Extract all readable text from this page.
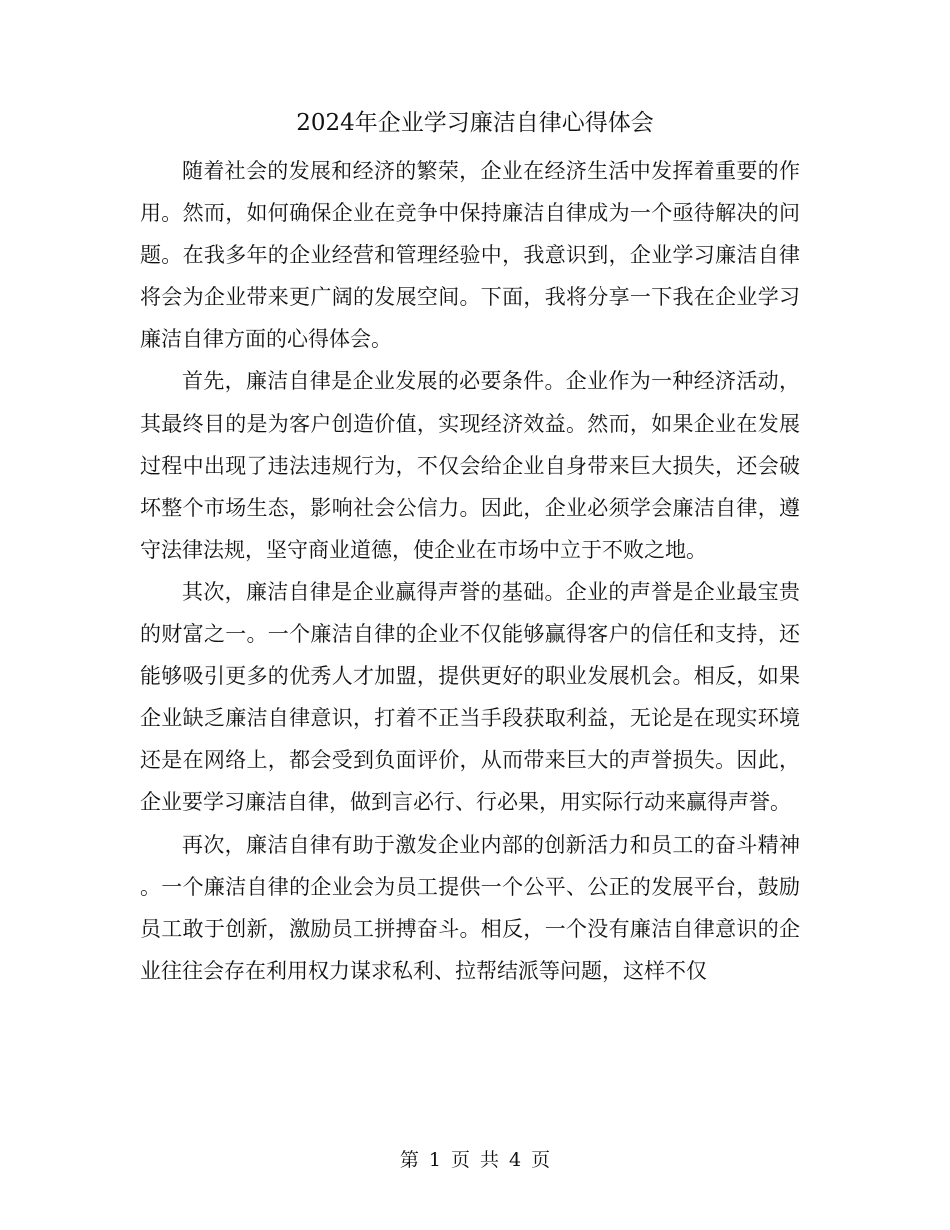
2024年企业学习廉洁自律心得体会

随着社会的发展和经济的繁荣，企业在经济生活中发挥着重要的作用。然而，如何确保企业在竞争中保持廉洁自律成为一个亟待解决的问题。在我多年的企业经营和管理经验中，我意识到，企业学习廉洁自律将会为企业带来更广阔的发展空间。下面，我将分享一下我在企业学习廉洁自律方面的心得体会。

首先，廉洁自律是企业发展的必要条件。企业作为一种经济活动，其最终目的是为客户创造价值，实现经济效益。然而，如果企业在发展过程中出现了违法违规行为，不仅会给企业自身带来巨大损失，还会破坏整个市场生态，影响社会公信力。因此，企业必须学会廉洁自律，遵守法律法规，坚守商业道德，使企业在市场中立于不败之地。

其次，廉洁自律是企业赢得声誉的基础。企业的声誉是企业最宝贵的财富之一。一个廉洁自律的企业不仅能够赢得客户的信任和支持，还能够吸引更多的优秀人才加盟，提供更好的职业发展机会。相反，如果企业缺乏廉洁自律意识，打着不正当手段获取利益，无论是在现实环境还是在网络上，都会受到负面评价，从而带来巨大的声誉损失。因此，企业要学习廉洁自律，做到言必行、行必果，用实际行动来赢得声誉。

再次，廉洁自律有助于激发企业内部的创新活力和员工的奋斗精神。一个廉洁自律的企业会为员工提供一个公平、公正的发展平台，鼓励员工敢于创新，激励员工拼搏奋斗。相反，一个没有廉洁自律意识的企业往往会存在利用权力谋求私利、拉帮结派等问题，这样不仅

第 1 页 共 4 页
